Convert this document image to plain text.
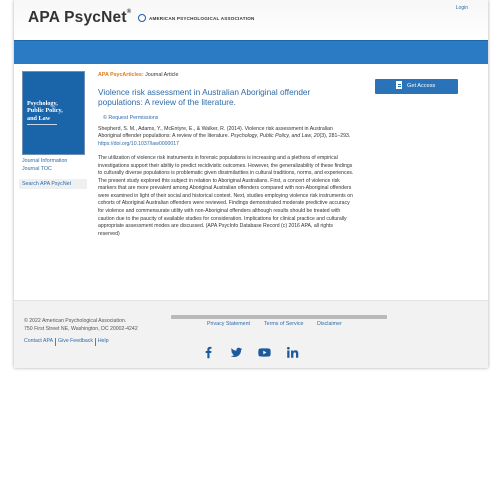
APA PsycNet®
AMERICAN PSYCHOLOGICAL ASSOCIATION
Login
Psychology,
Public Policy,
and Law
Journal Information
Journal TOC
Search APA PsycNet
APA PsycArticles: Journal Article
Violence risk assessment in Australian Aboriginal offender populations: A review of the literature.
© Request Permissions
Shepherd, S. M., Adams, Y., McEntyre, E., & Walker, R. (2014). Violence risk assessment in Australian Aboriginal offender populations: A review of the literature. Psychology, Public Policy, and Law, 20(3), 281–293. https://doi.org/10.1037/law0000017
The utilization of violence risk instruments in forensic populations is increasing and a plethora of empirical investigations support their ability to predict recidivistic outcomes. However, the generalizability of these findings to culturally diverse populations is problematic given dissimilarities in cultural traditions, norms, and experiences. The present study explored this subject in relation to Aboriginal Australians. First, a concert of violence risk markers that are more prevalent among Aboriginal Australian offenders compared with non-Aboriginal offenders were examined in light of their social and historical context. Next, studies employing violence risk instruments on cohorts of Aboriginal Australian offenders were reviewed. Findings demonstrated moderate predictive accuracy for violence and commensurate utility with non-Aboriginal offenders although results should be treated with caution due to the paucity of available studies for consideration. Implications for clinical practice and culturally appropriate assessment modes are discussed. (APA PsycInfo Database Record (c) 2016 APA, all rights reserved)
Get Access
© 2022 American Psychological Association.
750 First Street NE, Washington, DC 20002-4242
Contact APA Give Feedback Help
Privacy Statement	Terms of Service	Disclaimer
